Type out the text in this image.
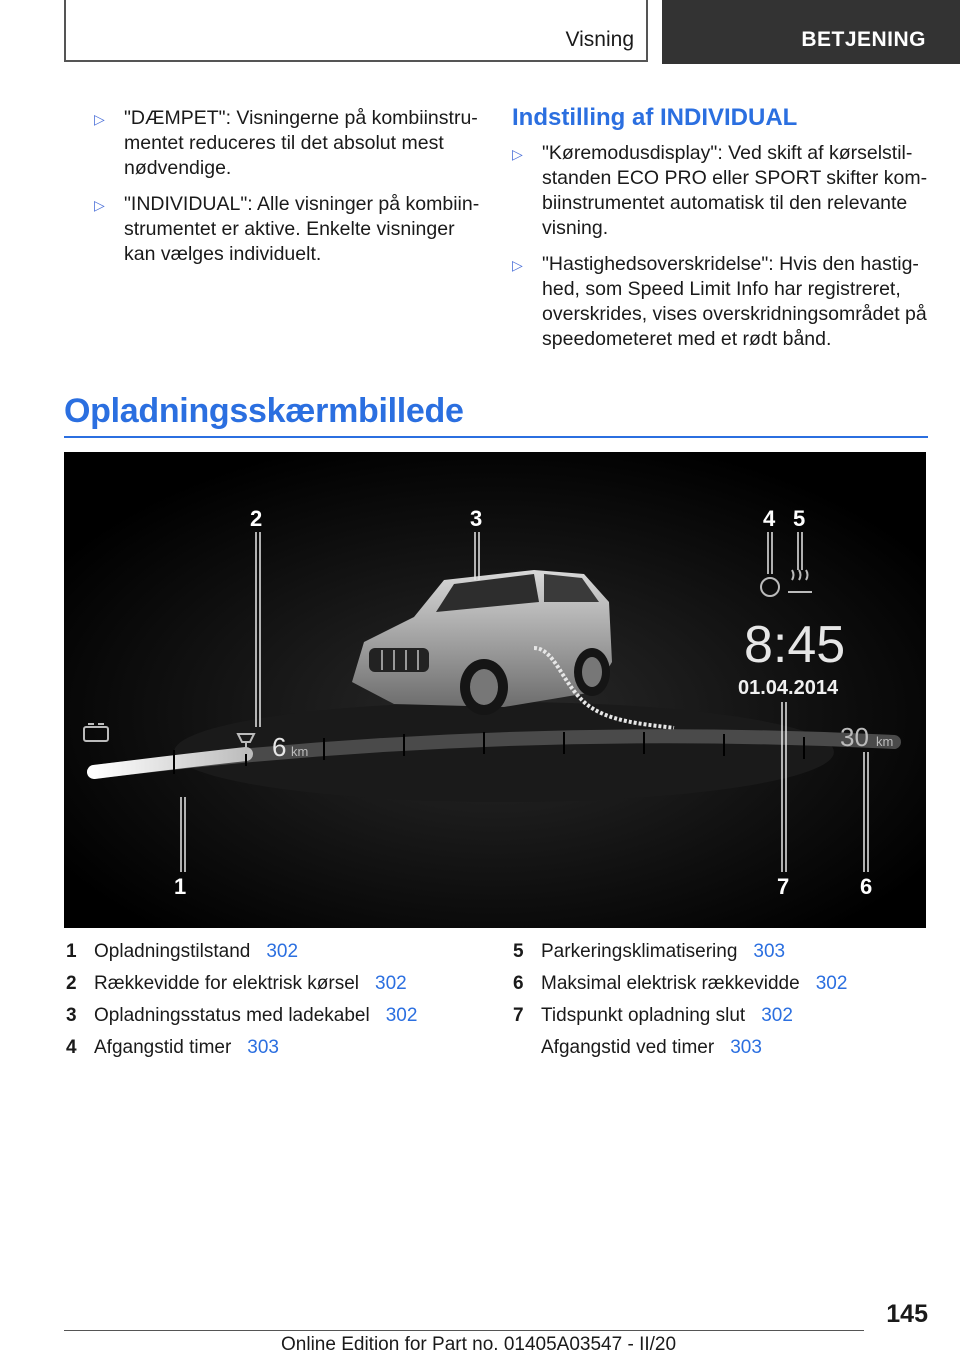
Visning	BETJENING
▷ "DÆMPET": Visningerne på kombiinstru-
mentet reduceres til det absolut mest
nødvendige.
▷ "INDIVIDUAL": Alle visninger på kombiin-
strumentet er aktive. Enkelte visninger
kan vælges individuelt.
Indstilling af INDIVIDUAL
▷ "Køremodusdisplay": Ved skift af kørselstil-
standen ECO PRO eller SPORT skifter kom-
biinstrumentet automatisk til den relevante
visning.
▷ "Hastighedsoverskridelse": Hvis den hastig-
hed, som Speed Limit Info har registreret,
overskrides, vises overskridningsområdet på
speedometeret med et rødt bånd.
Opladningsskærmbillede
8:45
01.04.2014
6 km	30 km
1
2	3	4 5
6
7
1 Opladningstilstand 302
2 Rækkevidde for elektrisk kørsel 302
3 Opladningsstatus med ladekabel 302
4 Afgangstid timer 303
5 Parkeringsklimatisering 303
6 Maksimal elektrisk rækkevidde 302
7 Tidspunkt opladning slut 302
Afgangstid ved timer 303
145
Online Edition for Part no. 01405A03547 - II/20
